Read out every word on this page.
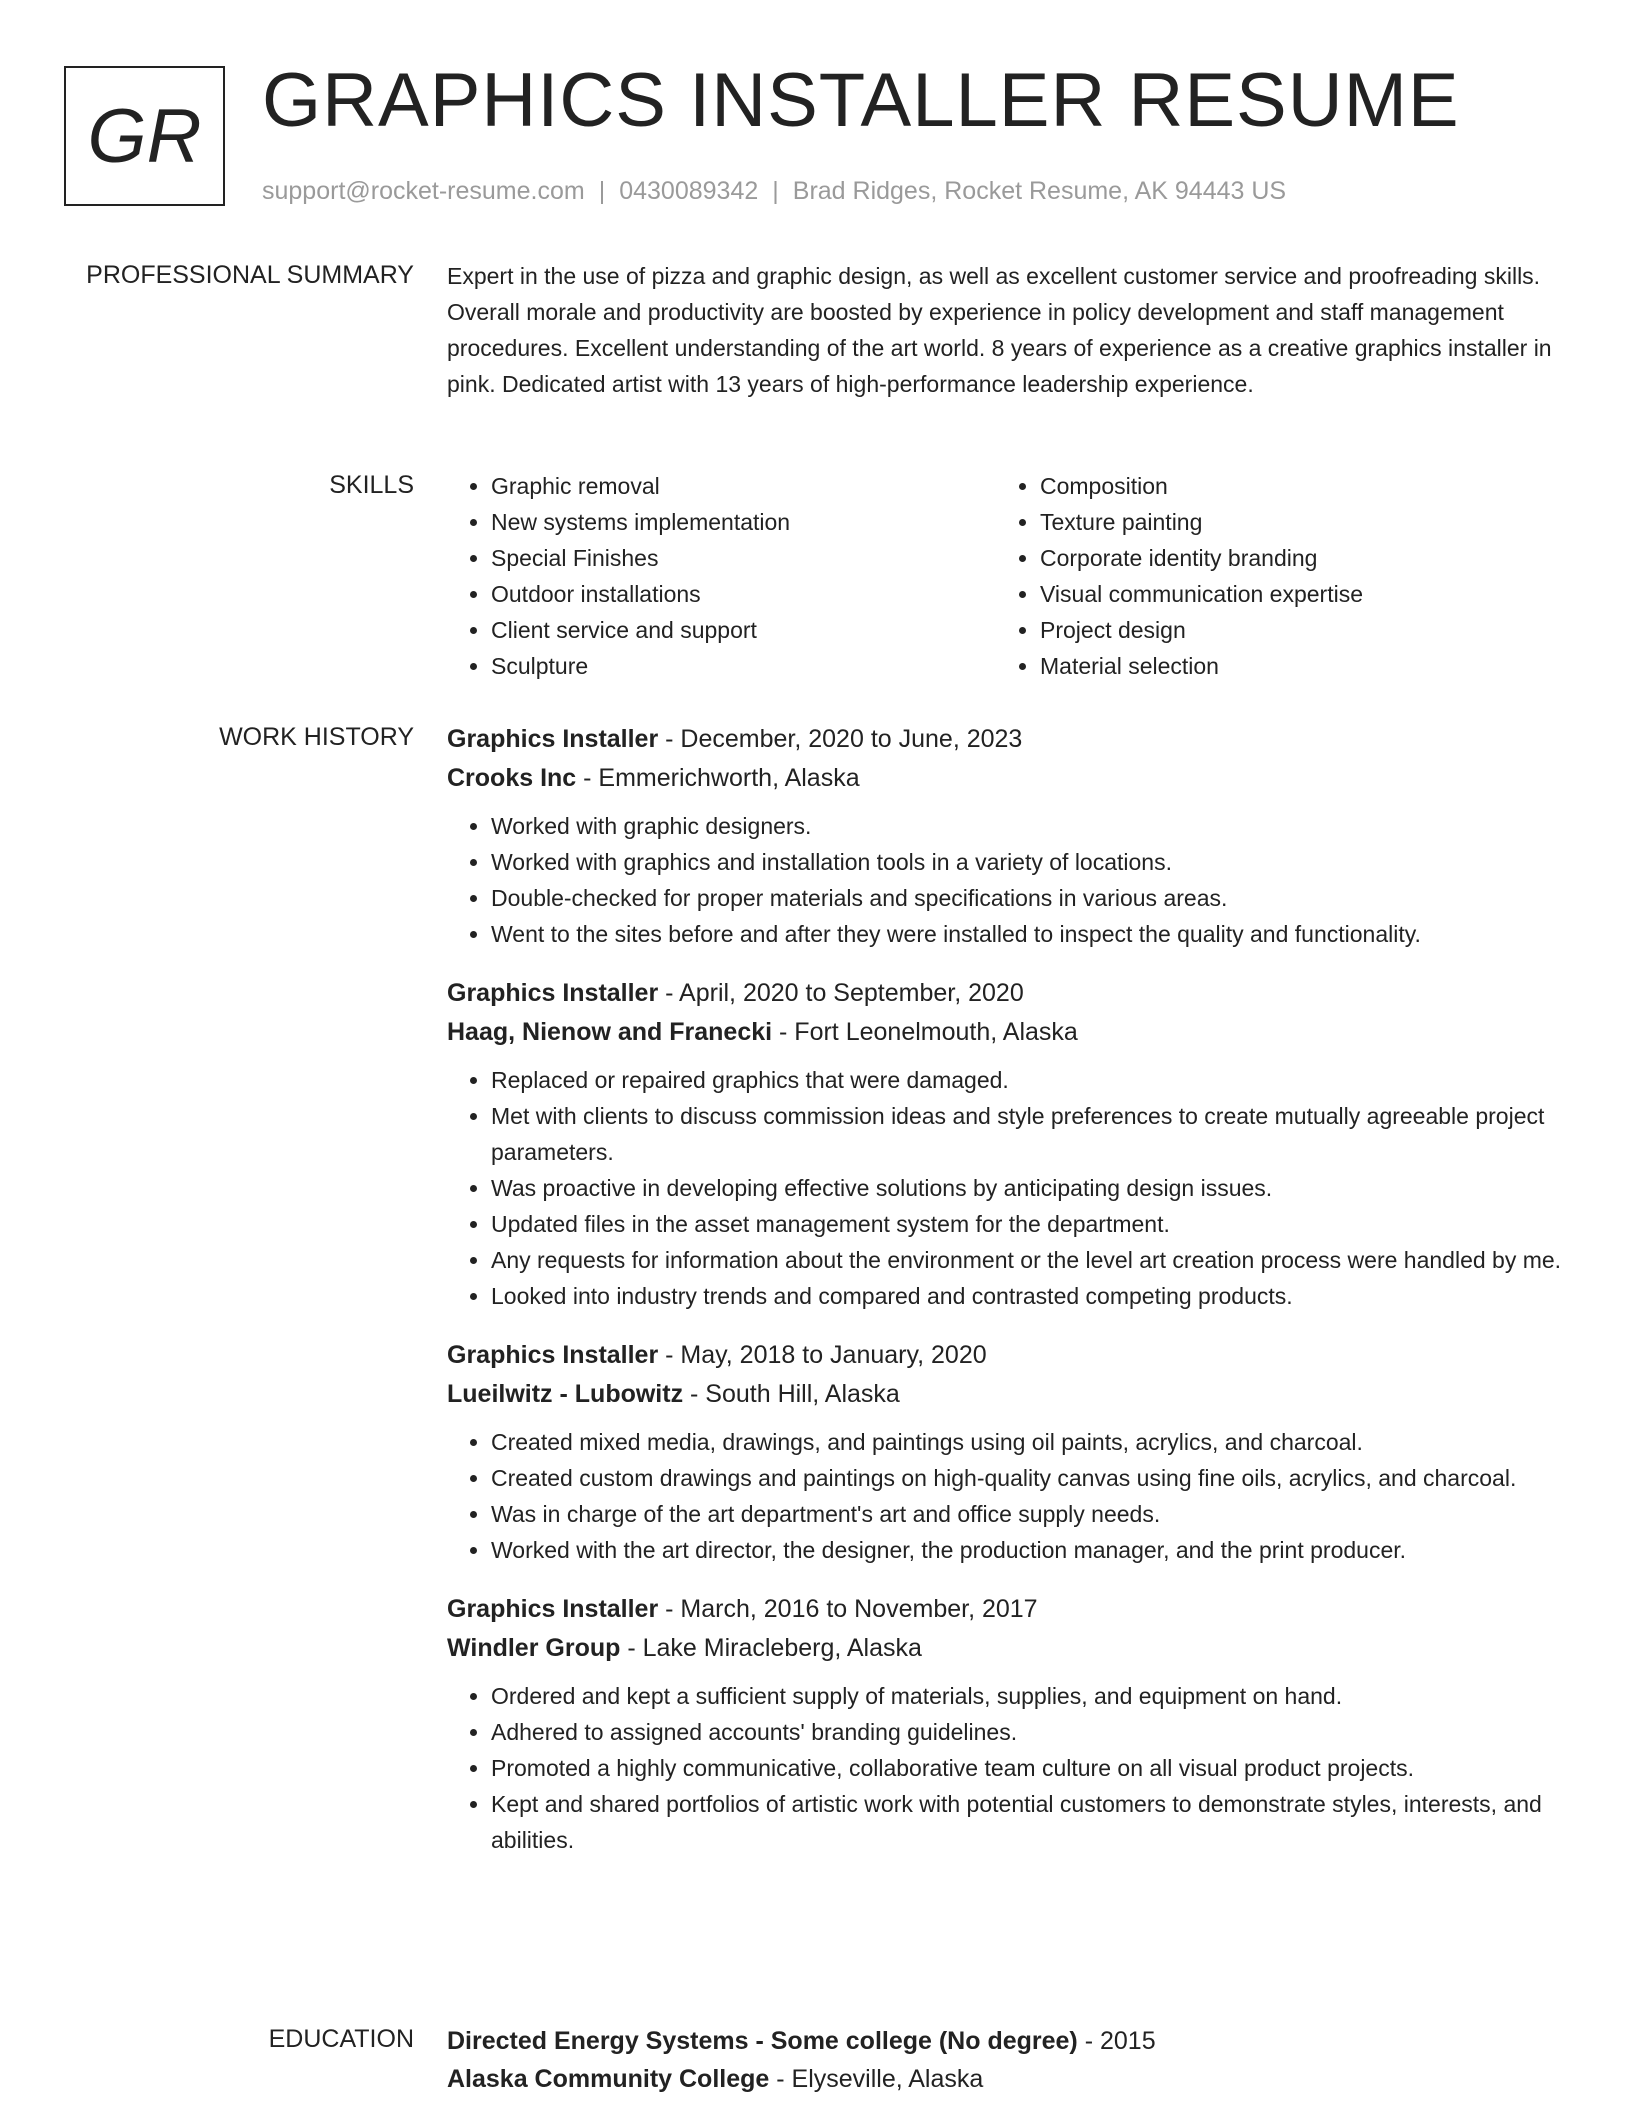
GR GRAPHICS INSTALLER RESUME
support@rocket-resume.com | 0430089342 | Brad Ridges, Rocket Resume, AK 94443 US
PROFESSIONAL SUMMARY Expert in the use of pizza and graphic design, as well as excellent customer service and proofreading skills. Overall morale and productivity are boosted by experience in policy development and staff management procedures. Excellent understanding of the art world. 8 years of experience as a creative graphics installer in pink. Dedicated artist with 13 years of high-performance leadership experience.

SKILLS
•	Graphic removal
• New systems implementation
• Special Finishes
• Outdoor installations
• Client service and support
• Sculpture
• Composition
• Texture painting
• Corporate identity branding
• Visual communication expertise
• Project design
• Material selection
WORK HISTORY Graphics Installer - December, 2020 to June, 2023
Crooks Inc - Emmerichworth, Alaska
• Worked with graphic designers.
• Worked with graphics and installation tools in a variety of locations.
• Double-checked for proper materials and specifications in various areas.
• Went to the sites before and after they were installed to inspect the quality and functionality.
Graphics Installer - April, 2020 to September, 2020
Haag, Nienow and Franecki - Fort Leonelmouth, Alaska
• Replaced or repaired graphics that were damaged.
• Met with clients to discuss commission ideas and style preferences to create mutually agreeable project parameters.
• Was proactive in developing effective solutions by anticipating design issues.
• Updated files in the asset management system for the department.
• Any requests for information about the environment or the level art creation process were handled by me.
• Looked into industry trends and compared and contrasted competing products.
Graphics Installer - May, 2018 to January, 2020
Lueilwitz - Lubowitz - South Hill, Alaska
• Created mixed media, drawings, and paintings using oil paints, acrylics, and charcoal.
• Created custom drawings and paintings on high-quality canvas using fine oils, acrylics, and charcoal.
• Was in charge of the art department's art and office supply needs.
• Worked with the art director, the designer, the production manager, and the print producer.
Graphics Installer - March, 2016 to November, 2017
Windler Group - Lake Miracleberg, Alaska
• Ordered and kept a sufficient supply of materials, supplies, and equipment on hand.
• Adhered to assigned accounts' branding guidelines.
• Promoted a highly communicative, collaborative team culture on all visual product projects.
• Kept and shared portfolios of artistic work with potential customers to demonstrate styles, interests, and abilities.
EDUCATION Directed Energy Systems - Some college (No degree) - 2015
Alaska Community College - Elyseville, Alaska
